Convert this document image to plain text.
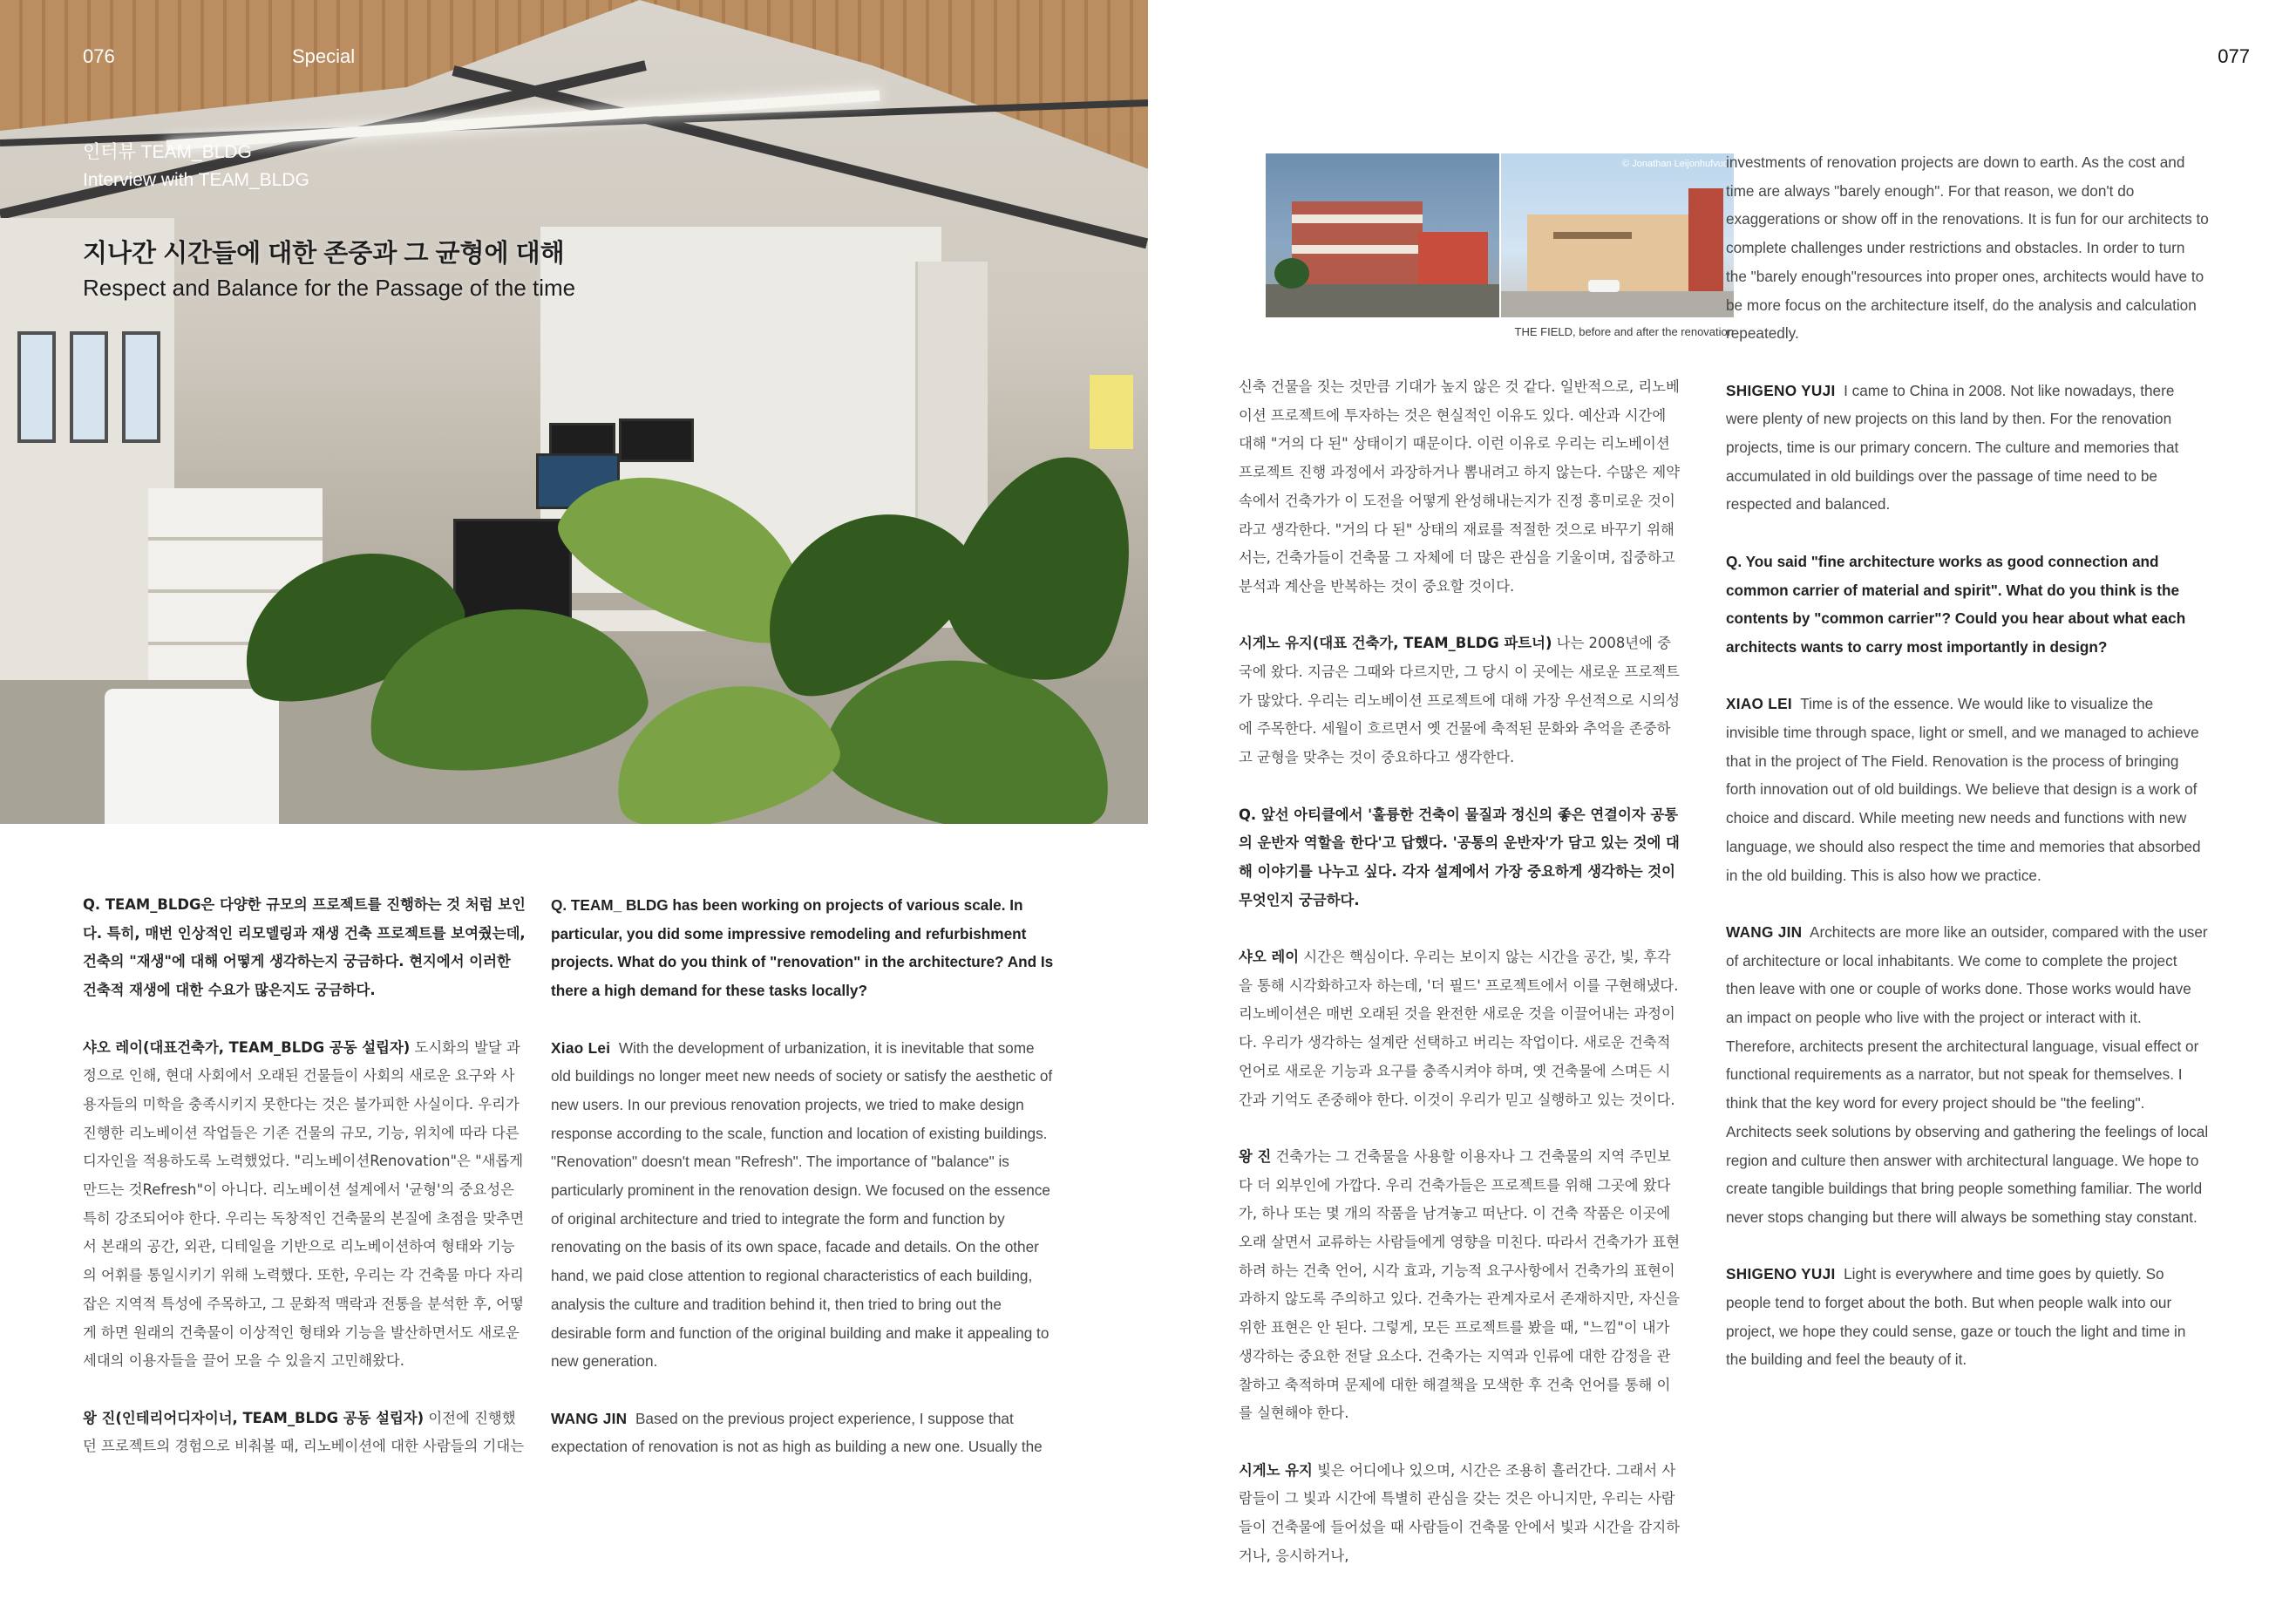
076	Special
인터뷰 TEAM_BLDG
Interview with TEAM_BLDG
지나간 시간들에 대한 존중과 그 균형에 대해
Respect and Balance for the Passage of the time

Q. TEAM_BLDG은 다양한 규모의 프로젝트를 진행하는 것 처럼 보인다. 특히, 매번 인상적인 리모델링과 재생 건축 프로젝트를 보여줬는데, 건축의 "재생"에 대해 어떻게 생각하는지 궁금하다. 현지에서 이러한 건축적 재생에 대한 수요가 많은지도 궁금하다.

샤오 레이(대표건축가, TEAM_BLDG 공동 설립자) 도시화의 발달 과정으로 인해, 현대 사회에서 오래된 건물들이 사회의 새로운 요구와 사용자들의 미학을 충족시키지 못한다는 것은 불가피한 사실이다. 우리가 진행한 리노베이션 작업들은 기존 건물의 규모, 기능, 위치에 따라 다른 디자인을 적용하도록 노력했었다. "리노베이션Renovation"은 "새롭게 만드는 것Refresh"이 아니다. 리노베이션 설계에서 '균형'의 중요성은 특히 강조되어야 한다. 우리는 독창적인 건축물의 본질에 초점을 맞추면서 본래의 공간, 외관, 디테일을 기반으로 리노베이션하여 형태와 기능의 어휘를 통일시키기 위해 노력했다. 또한, 우리는 각 건축물 마다 자리잡은 지역적 특성에 주목하고, 그 문화적 맥락과 전통을 분석한 후, 어떻게 하면 원래의 건축물이 이상적인 형태와 기능을 발산하면서도 새로운 세대의 이용자들을 끌어 모을 수 있을지 고민해왔다.

왕 진(인테리어디자이너, TEAM_BLDG 공동 설립자) 이전에 진행했던 프로젝트의 경험으로 비춰볼 때, 리노베이션에 대한 사람들의 기대는

Q. TEAM_ BLDG has been working on projects of various scale. In particular, you did some impressive remodeling and refurbishment projects. What do you think of "renovation" in the architecture? And Is there a high demand for these tasks locally?

Xiao Lei With the development of urbanization, it is inevitable that some old buildings no longer meet new needs of society or satisfy the aesthetic of new users. In our previous renovation projects, we tried to make design response according to the scale, function and location of existing buildings. "Renovation" doesn't mean "Refresh". The importance of "balance" is particularly prominent in the renovation design. We focused on the essence of original architecture and tried to integrate the form and function by renovating on the basis of its own space, facade and details. On the other hand, we paid close attention to regional characteristics of each building, analysis the culture and tradition behind it, then tried to bring out the desirable form and function of the original building and make it appealing to new generation.

WANG JIN Based on the previous project experience, I suppose that expectation of renovation is not as high as building a new one. Usually the

077
© Jonathan Leijonhufvud
THE FIELD, before and after the renovation

신축 건물을 짓는 것만큼 기대가 높지 않은 것 같다. 일반적으로, 리노베이션 프로젝트에 투자하는 것은 현실적인 이유도 있다. 예산과 시간에 대해 "거의 다 된" 상태이기 때문이다. 이런 이유로 우리는 리노베이션 프로젝트 진행 과정에서 과장하거나 뽐내려고 하지 않는다. 수많은 제약 속에서 건축가가 이 도전을 어떻게 완성해내는지가 진정 흥미로운 것이라고 생각한다. "거의 다 된" 상태의 재료를 적절한 것으로 바꾸기 위해서는, 건축가들이 건축물 그 자체에 더 많은 관심을 기울이며, 집중하고 분석과 계산을 반복하는 것이 중요할 것이다.

시게노 유지(대표 건축가, TEAM_BLDG 파트너) 나는 2008년에 중국에 왔다. 지금은 그때와 다르지만, 그 당시 이 곳에는 새로운 프로젝트가 많았다. 우리는 리노베이션 프로젝트에 대해 가장 우선적으로 시의성에 주목한다. 세월이 흐르면서 옛 건물에 축적된 문화와 추억을 존중하고 균형을 맞추는 것이 중요하다고 생각한다.

Q. 앞선 아티클에서 '훌륭한 건축이 물질과 정신의 좋은 연결이자 공통의 운반자 역할을 한다'고 답했다. '공통의 운반자'가 담고 있는 것에 대해 이야기를 나누고 싶다. 각자 설계에서 가장 중요하게 생각하는 것이 무엇인지 궁금하다.

샤오 레이 시간은 핵심이다. 우리는 보이지 않는 시간을 공간, 빛, 후각을 통해 시각화하고자 하는데, '더 필드' 프로젝트에서 이를 구현해냈다. 리노베이션은 매번 오래된 것을 완전한 새로운 것을 이끌어내는 과정이다. 우리가 생각하는 설계란 선택하고 버리는 작업이다. 새로운 건축적 언어로 새로운 기능과 요구를 충족시켜야 하며, 옛 건축물에 스며든 시간과 기억도 존중해야 한다. 이것이 우리가 믿고 실행하고 있는 것이다.

왕 진 건축가는 그 건축물을 사용할 이용자나 그 건축물의 지역 주민보다 더 외부인에 가깝다. 우리 건축가들은 프로젝트를 위해 그곳에 왔다가, 하나 또는 몇 개의 작품을 남겨놓고 떠난다. 이 건축 작품은 이곳에 오래 살면서 교류하는 사람들에게 영향을 미친다. 따라서 건축가가 표현하려 하는 건축 언어, 시각 효과, 기능적 요구사항에서 건축가의 표현이 과하지 않도록 주의하고 있다. 건축가는 관계자로서 존재하지만, 자신을 위한 표현은 안 된다. 그렇게, 모든 프로젝트를 봤을 때, "느낌"이 내가 생각하는 중요한 전달 요소다. 건축가는 지역과 인류에 대한 감정을 관찰하고 축적하며 문제에 대한 해결책을 모색한 후 건축 언어를 통해 이를 실현해야 한다.

시게노 유지 빛은 어디에나 있으며, 시간은 조용히 흘러간다. 그래서 사람들이 그 빛과 시간에 특별히 관심을 갖는 것은 아니지만, 우리는 사람들이 건축물에 들어섰을 때 사람들이 건축물 안에서 빛과 시간을 감지하거나, 응시하거나,

investments of renovation projects are down to earth. As the cost and time are always "barely enough". For that reason, we don't do exaggerations or show off in the renovations. It is fun for our architects to complete challenges under restrictions and obstacles. In order to turn the "barely enough"resources into proper ones, architects would have to be more focus on the architecture itself, do the analysis and calculation repeatedly.

SHIGENO YUJI I came to China in 2008. Not like nowadays, there were plenty of new projects on this land by then. For the renovation projects, time is our primary concern. The culture and memories that accumulated in old buildings over the passage of time need to be respected and balanced.

Q. You said "fine architecture works as good connection and common carrier of material and spirit". What do you think is the contents by "common carrier"? Could you hear about what each architects wants to carry most importantly in design?

XIAO LEI Time is of the essence. We would like to visualize the invisible time through space, light or smell, and we managed to achieve that in the project of The Field. Renovation is the process of bringing forth innovation out of old buildings. We believe that design is a work of choice and discard. While meeting new needs and functions with new language, we should also respect the time and memories that absorbed in the old building. This is also how we practice.

WANG JIN Architects are more like an outsider, compared with the user of architecture or local inhabitants. We come to complete the project then leave with one or couple of works done. Those works would have an impact on people who live with the project or interact with it. Therefore, architects present the architectural language, visual effect or functional requirements as a narrator, but not speak for themselves. I think that the key word for every project should be "the feeling". Architects seek solutions by observing and gathering the feelings of local region and culture then answer with architectural language. We hope to create tangible buildings that bring people something familiar. The world never stops changing but there will always be something stay constant.

SHIGENO YUJI Light is everywhere and time goes by quietly. So people tend to forget about the both. But when people walk into our project, we hope they could sense, gaze or touch the light and time in the building and feel the beauty of it.
